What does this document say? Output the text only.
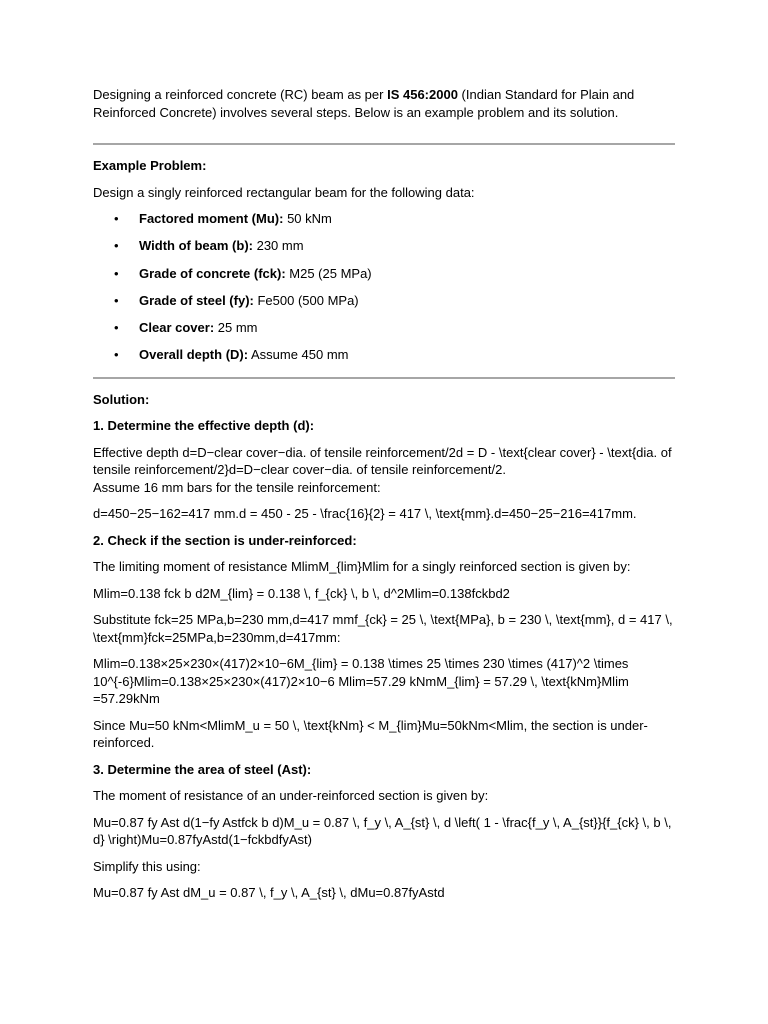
Designing a reinforced concrete (RC) beam as per IS 456:2000 (Indian Standard for Plain and Reinforced Concrete) involves several steps. Below is an example problem and its solution.

Example Problem:

Design a singly reinforced rectangular beam for the following data:

• Factored moment (Mu): 50 kNm
• Width of beam (b): 230 mm
• Grade of concrete (fck): M25 (25 MPa)
• Grade of steel (fy): Fe500 (500 MPa)
• Clear cover: 25 mm
• Overall depth (D): Assume 450 mm

Solution:

1. Determine the effective depth (d):

Effective depth d=D−clear cover−dia. of tensile reinforcement/2d = D - \text{clear cover} - \text{dia. of tensile reinforcement/2}d=D−clear cover−dia. of tensile reinforcement/2.
Assume 16 mm bars for the tensile reinforcement:

d=450−25−162=417 mm.d = 450 - 25 - \frac{16}{2} = 417 \, \text{mm}.d=450−25−216=417mm.

2. Check if the section is under-reinforced:

The limiting moment of resistance MlimM_{lim}Mlim for a singly reinforced section is given by:

Mlim=0.138 fck b d2M_{lim} = 0.138 \, f_{ck} \, b \, d^2Mlim=0.138fckbd2

Substitute fck=25 MPa,b=230 mm,d=417 mmf_{ck} = 25 \, \text{MPa}, b = 230 \, \text{mm}, d = 417 \, \text{mm}fck=25MPa,b=230mm,d=417mm:

Mlim=0.138×25×230×(417)2×10−6M_{lim} = 0.138 \times 25 \times 230 \times (417)^2 \times 10^{-6}Mlim=0.138×25×230×(417)2×10−6 Mlim=57.29 kNmM_{lim} = 57.29 \, \text{kNm}Mlim =57.29kNm

Since Mu=50 kNm<MlimM_u = 50 \, \text{kNm} < M_{lim}Mu=50kNm<Mlim, the section is under-reinforced.

3. Determine the area of steel (Ast):

The moment of resistance of an under-reinforced section is given by:

Mu=0.87 fy Ast d(1−fy Astfck b d)M_u = 0.87 \, f_y \, A_{st} \, d \left( 1 - \frac{f_y \, A_{st}}{f_{ck} \, b \, d} \right)Mu=0.87fyAstd(1−fckbdfyAst)

Simplify this using:

Mu=0.87 fy Ast dM_u = 0.87 \, f_y \, A_{st} \, dMu=0.87fyAstd
